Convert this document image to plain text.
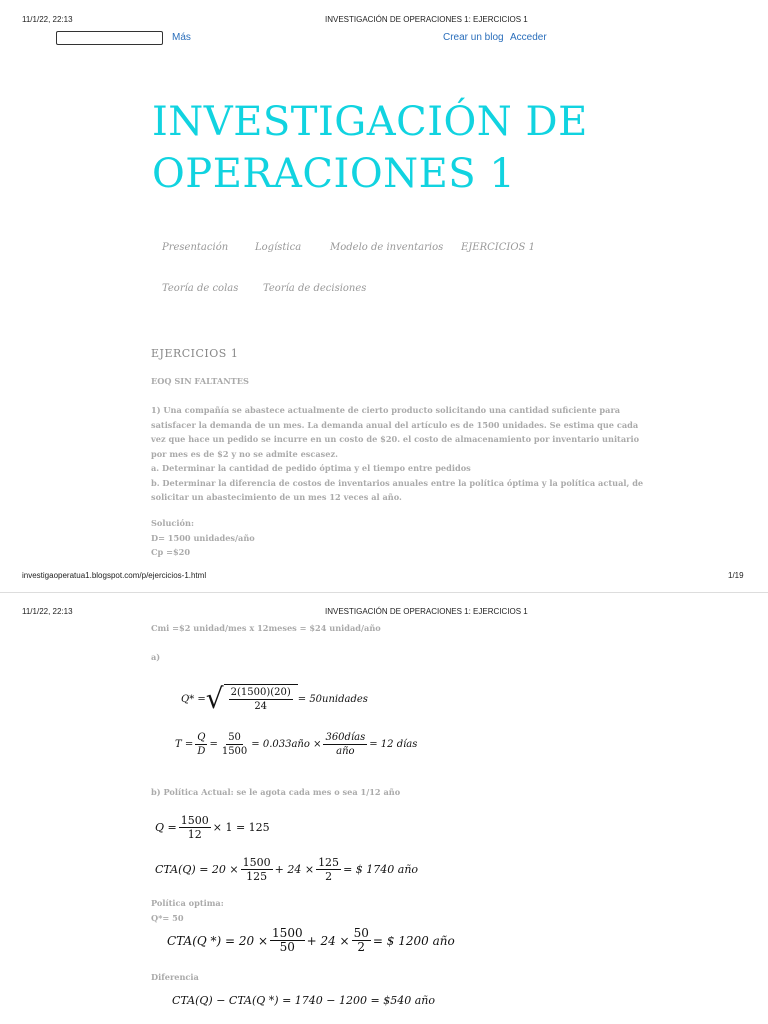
11/1/22, 22:13	INVESTIGACIÓN DE OPERACIONES 1: EJERCICIOS 1
Más	Crear un blog Acceder
INVESTIGACIÓN DE
OPERACIONES 1
Presentación	Logística	Modelo de inventarios EJERCICIOS 1
Teoría de colas Teoría de decisiones
EJERCICIOS 1
EOQ SIN FALTANTES
1) Una compañía se abastece actualmente de cierto producto solicitando una cantidad suficiente para
satisfacer la demanda de un mes. La demanda anual del artículo es de 1500 unidades. Se estima que cada
vez que hace un pedido se incurre en un costo de $20. el costo de almacenamiento por inventario unitario
por mes es de $2 y no se admite escasez.
a. Determinar la cantidad de pedido óptima y el tiempo entre pedidos
b. Determinar la diferencia de costos de inventarios anuales entre la política óptima y la política actual, de
solicitar un abastecimiento de un mes 12 veces al año.
Solución:
D= 1500 unidades/año
Cp =$20
investigaoperatua1.blogspot.com/p/ejercicios-1.html	1/19
11/1/22, 22:13	INVESTIGACIÓN DE OPERACIONES 1: EJERCICIOS 1
Cmi =$2 unidad/mes x 12meses = $24 unidad/año
a)
Q* = √ $\frac{2(1500)(20)}{24}$ = 50unidades
$T = \frac{Q}{D} = \frac{50}{1500}$ = 0.033año × $\frac{\text{360días}}{\text{año}} = 12$ días
b) Política Actual: se le agota cada mes o sea 1/12 año
$Q = \frac{1500}{12} \times 1 = 125$
$CTA(Q) = 20 \times \frac{1500}{125} + 24 \times \frac{125}{2}$ = $ 1740 año
Política optima:
Q*= 50
CTA(Q *) = $20 \times \frac{1500}{50} + 24 \times \frac{50}{2}$ = $ 1200 año
Diferencia
CTA(Q) − CTA(Q *) = 1740 − 1200 = $540 año
